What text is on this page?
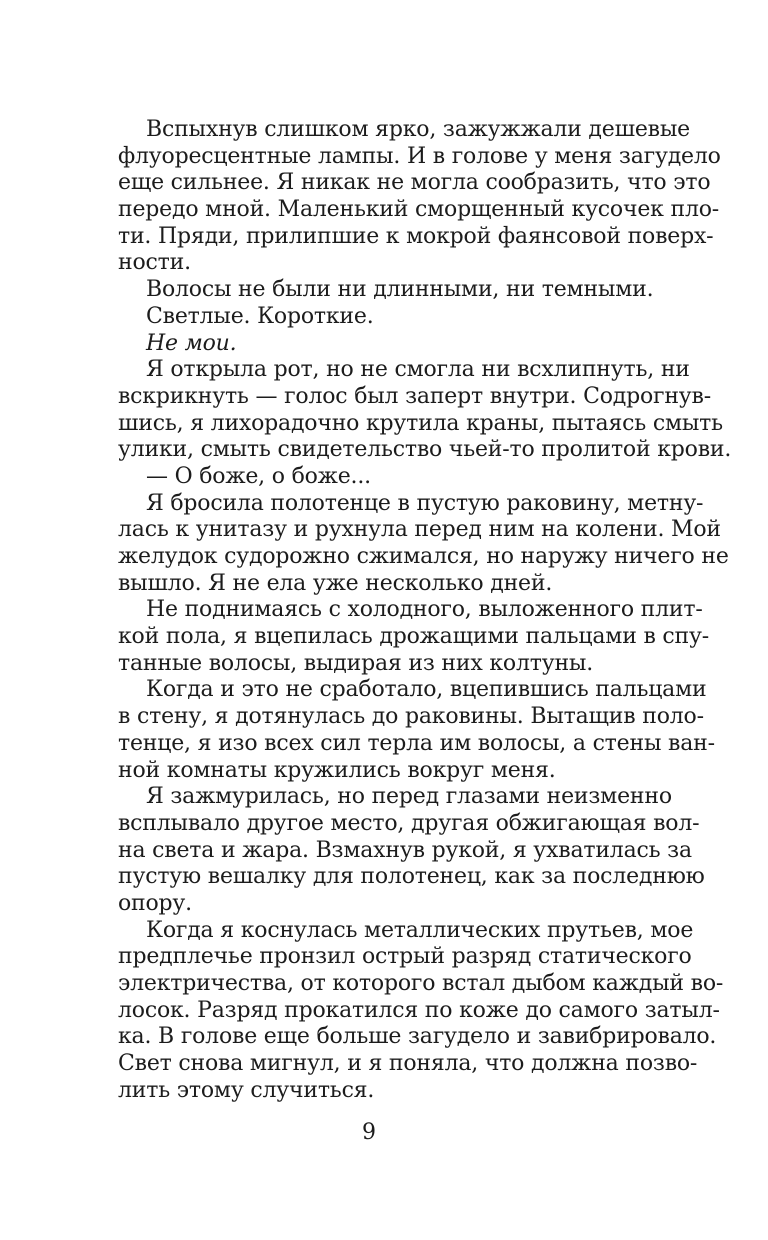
Вспыхнув слишком ярко, зажужжали дешевые
флуоресцентные лампы. И в голове у меня загудело
еще сильнее. Я никак не могла сообразить, что это
передо мной. Маленький сморщенный кусочек пло-
ти. Пряди, прилипшие к мокрой фаянсовой поверх-
ности.
Волосы не были ни длинными, ни темными.
Светлые. Короткие.
Не мои.
Я открыла рот, но не смогла ни всхлипнуть, ни
вскрикнуть — голос был заперт внутри. Содрогнув-
шись, я лихорадочно крутила краны, пытаясь смыть
улики, смыть свидетельство чьей-то пролитой крови.
— О боже, о боже...
Я бросила полотенце в пустую раковину, метну-
лась к унитазу и рухнула перед ним на колени. Мой
желудок судорожно сжимался, но наружу ничего не
вышло. Я не ела уже несколько дней.
Не поднимаясь с холодного, выложенного плит-
кой пола, я вцепилась дрожащими пальцами в спу-
танные волосы, выдирая из них колтуны.
Когда и это не сработало, вцепившись пальцами
в стену, я дотянулась до раковины. Вытащив поло-
тенце, я изо всех сил терла им волосы, а стены ван-
ной комнаты кружились вокруг меня.
Я зажмурилась, но перед глазами неизменно
всплывало другое место, другая обжигающая вол-
на света и жара. Взмахнув рукой, я ухватилась за
пустую вешалку для полотенец, как за последнюю
опору.
Когда я коснулась металлических прутьев, мое
предплечье пронзил острый разряд статического
электричества, от которого встал дыбом каждый во-
лосок. Разряд прокатился по коже до самого затыл-
ка. В голове еще больше загудело и завибрировало.
Свет снова мигнул, и я поняла, что должна позво-
лить этому случиться.
9
